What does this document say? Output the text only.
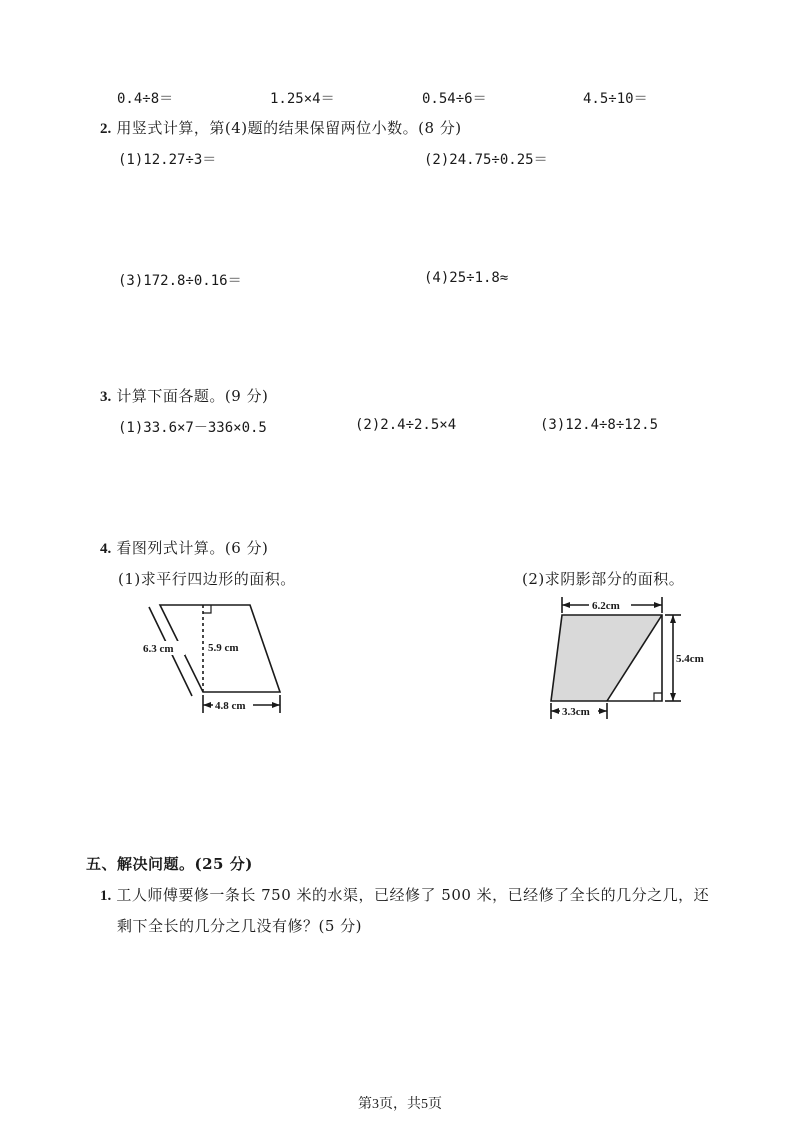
0.4÷8＝	1.25×4＝	0.54÷6＝	4.5÷10＝
2. 用竖式计算，第(4)题的结果保留两位小数。(8 分)
(1)12.27÷3＝	(2)24.75÷0.25＝
(3)172.8÷0.16＝	(4)25÷1.8≈
3. 计算下面各题。(9 分)
(1)33.6×7－336×0.5	(2)2.4÷2.5×4	(3)12.4÷8÷12.5
4. 看图列式计算。(6 分)
(1)求平行四边形的面积。	(2)求阴影部分的面积。
6.3 cm	5.9 cm
4.8 cm
6.2cm
5.4cm
3.3cm
五、解决问题。(25 分)
1. 工人师傅要修一条长 750 米的水渠，已经修了 500 米，已经修了全长的几分之几，还
剩下全长的几分之几没有修？(5 分)
第3页，共5页
